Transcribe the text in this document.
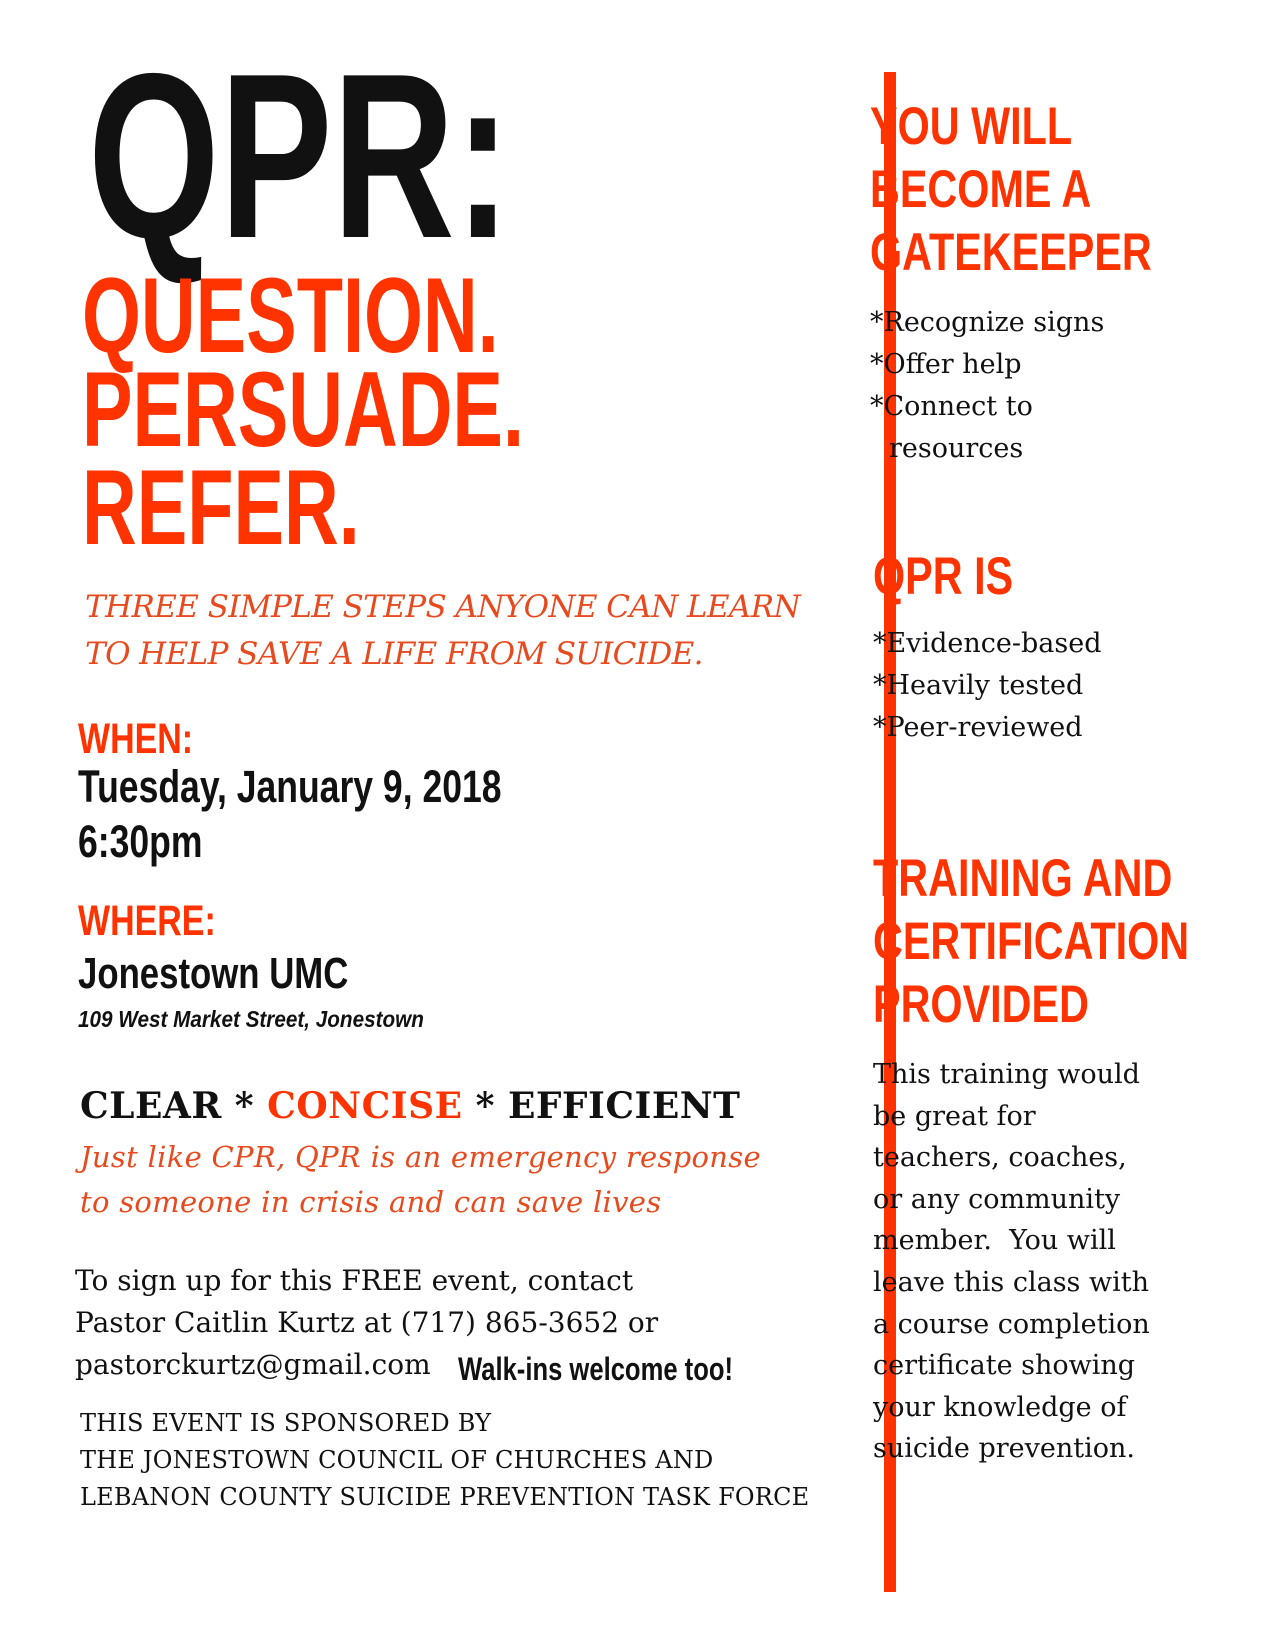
QPR:
QUESTION.
PERSUADE.
REFER.
THREE SIMPLE STEPS ANYONE CAN LEARN
TO HELP SAVE A LIFE FROM SUICIDE.
WHEN:
Tuesday, January 9, 2018
6:30pm
WHERE:
Jonestown UMC
109 West Market Street, Jonestown
CLEAR * CONCISE * EFFICIENT
Just like CPR, QPR is an emergency response
to someone in crisis and can save lives
To sign up for this FREE event, contact
Pastor Caitlin Kurtz at (717) 865-3652 or
pastorckurtz@gmail.com Walk-ins welcome too!
THIS EVENT IS SPONSORED BY
THE JONESTOWN COUNCIL OF CHURCHES AND
LEBANON COUNTY SUICIDE PREVENTION TASK FORCE
YOU WILL
BECOME A
GATEKEEPER
*Recognize signs
*Offer help
*Connect to
resources
QPR IS
*Evidence-based
*Heavily tested
*Peer-reviewed
TRAINING AND
CERTIFICATION
PROVIDED
This training would
be great for
teachers, coaches,
or any community
member.  You will
leave this class with
a course completion
certificate showing
your knowledge of
suicide prevention.
